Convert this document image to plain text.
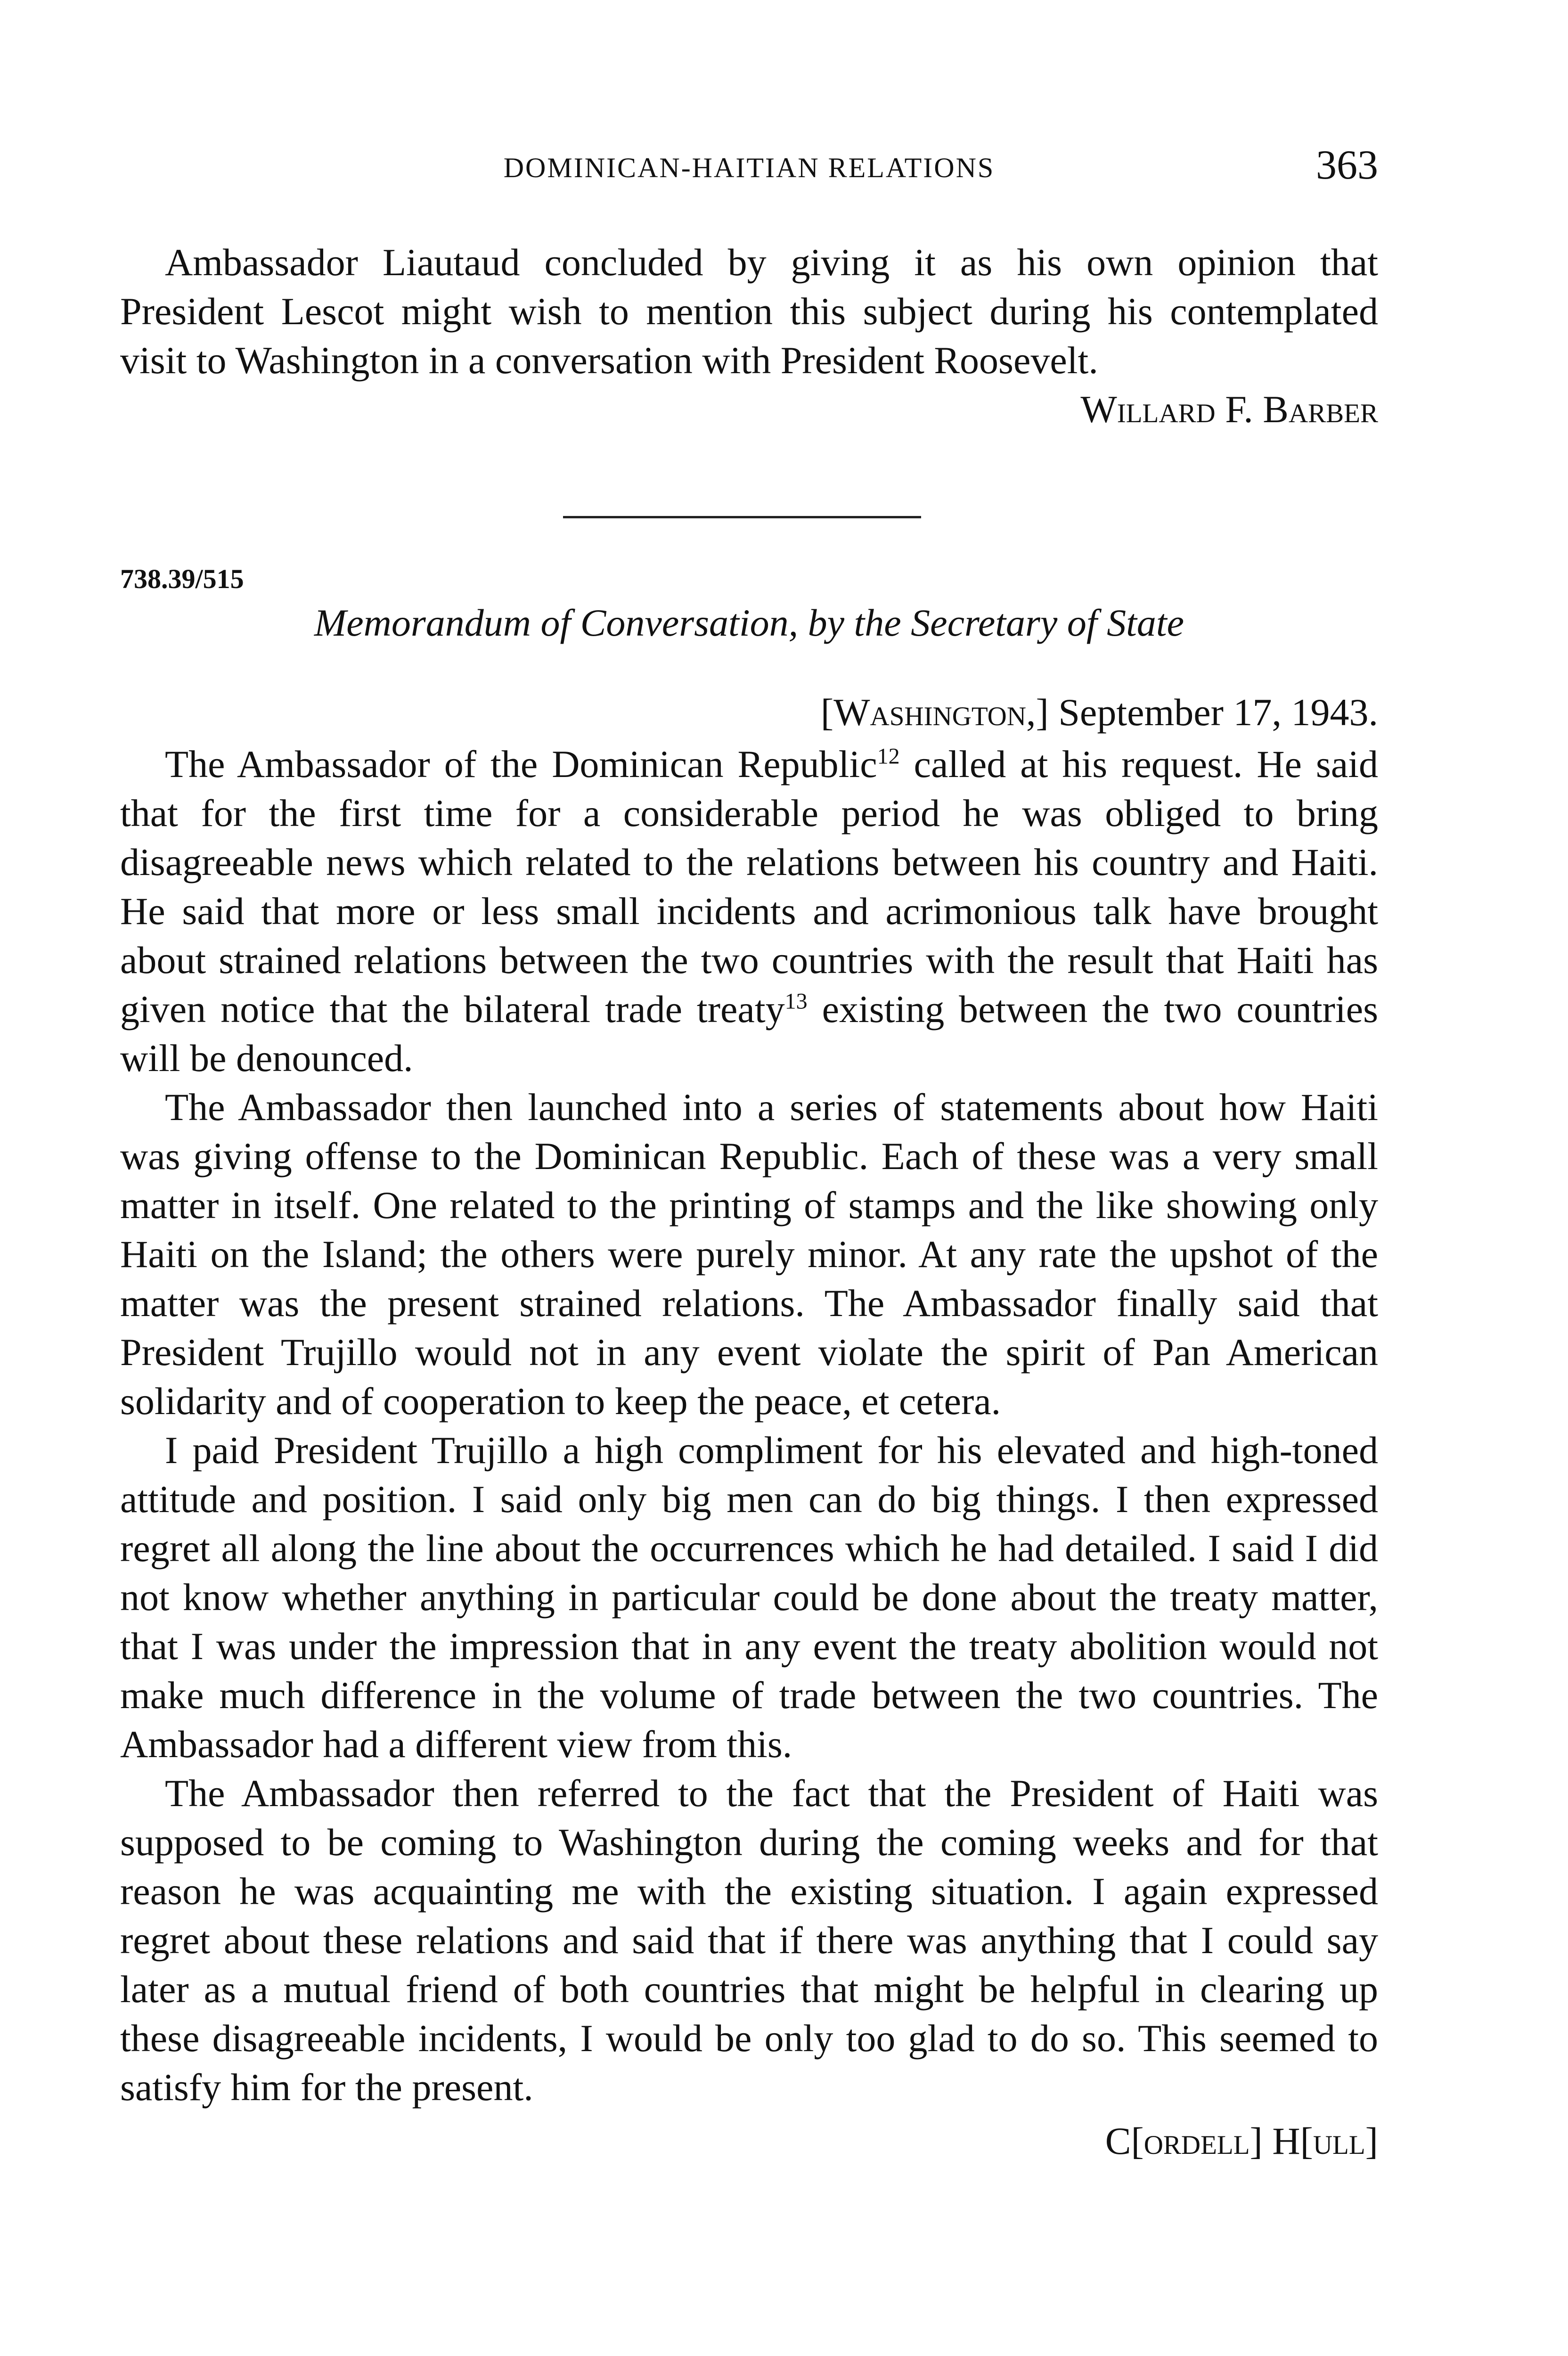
DOMINICAN-HAITIAN RELATIONS	363

Ambassador Liautaud concluded by giving it as his own opinion that President Lescot might wish to mention this subject during his contemplated visit to Washington in a conversation with President Roosevelt.

Willard F. Barber
738.39/515
Memorandum of Conversation, by the Secretary of State
[Washington,] September 17, 1943.

The Ambassador of the Dominican Republic$^{12}$ called at his request. He said that for the first time for a considerable period he was obliged to bring disagreeable news which related to the relations between his country and Haiti. He said that more or less small incidents and acrimonious talk have brought about strained relations between the two countries with the result that Haiti has given notice that the bilateral trade treaty$^{13}$ existing between the two countries will be denounced.

The Ambassador then launched into a series of statements about how Haiti was giving offense to the Dominican Republic. Each of these was a very small matter in itself. One related to the printing of stamps and the like showing only Haiti on the Island; the others were purely minor. At any rate the upshot of the matter was the present strained relations. The Ambassador finally said that President Trujillo would not in any event violate the spirit of Pan American solidarity and of cooperation to keep the peace, et cetera.

I paid President Trujillo a high compliment for his elevated and high-toned attitude and position. I said only big men can do big things. I then expressed regret all along the line about the occurrences which he had detailed. I said I did not know whether anything in particular could be done about the treaty matter, that I was under the impression that in any event the treaty abolition would not make much difference in the volume of trade between the two countries. The Ambassador had a different view from this.

The Ambassador then referred to the fact that the President of Haiti was supposed to be coming to Washington during the coming weeks and for that reason he was acquainting me with the existing situation. I again expressed regret about these relations and said that if there was anything that I could say later as a mutual friend of both countries that might be helpful in clearing up these disagreeable incidents, I would be only too glad to do so. This seemed to satisfy him for the present.

C[ordell] H[ull]
